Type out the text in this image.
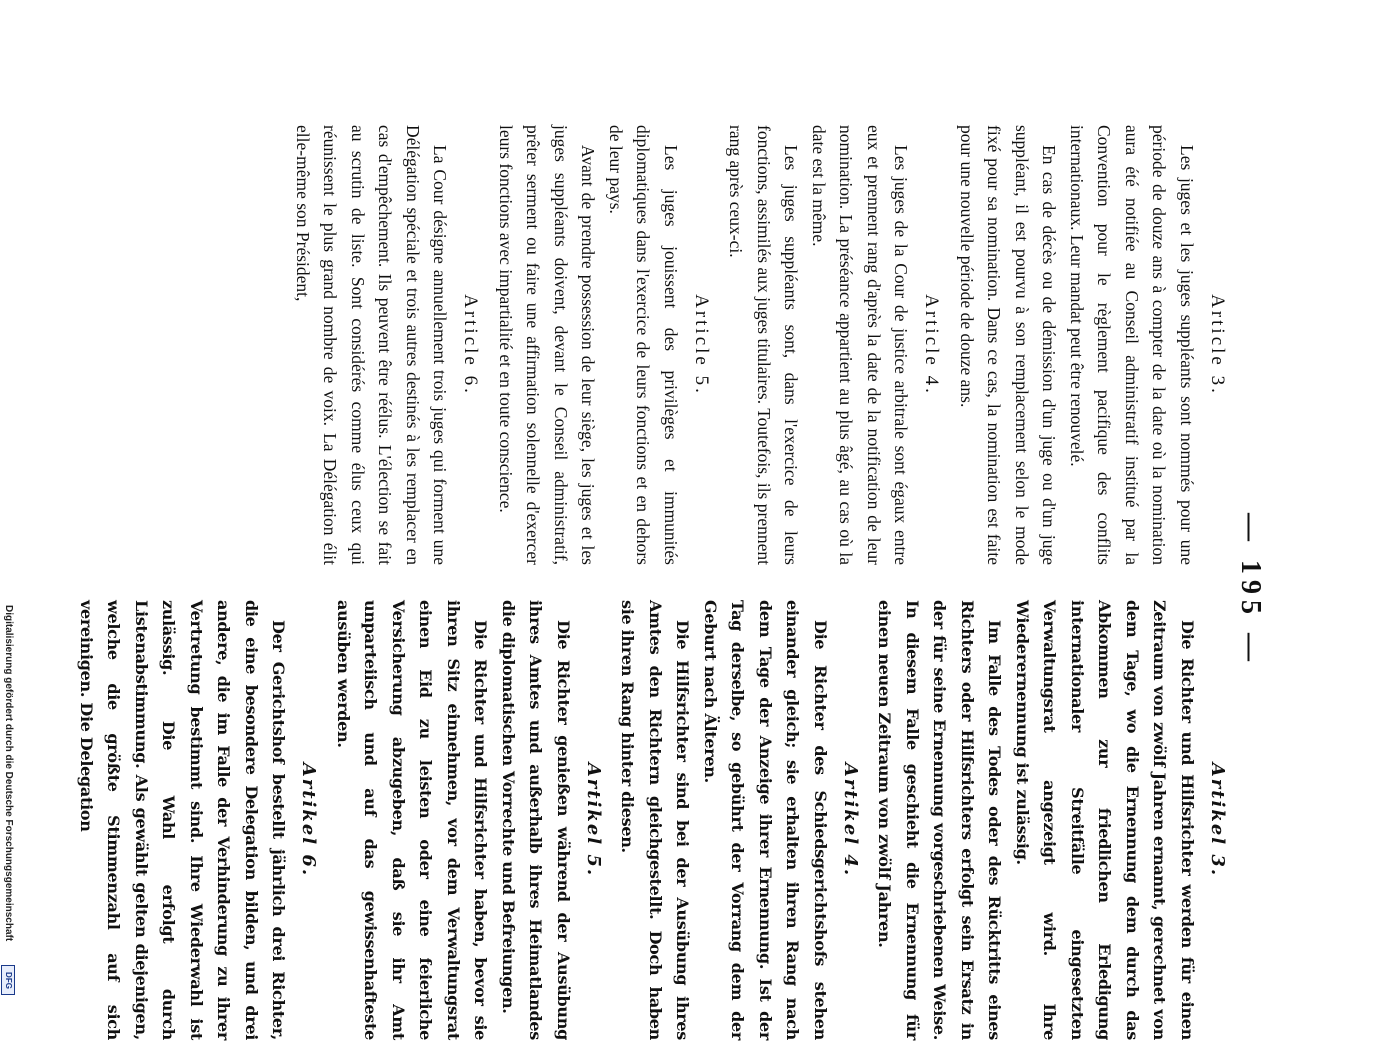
Digitalisierung gefördert durch die Deutsche Forschungsgemeinschaft
DFG
— 195 —
Article 3.

Les juges et les juges suppléants sont nommés pour une période de douze ans à compter de la date où la nomination aura été notifiée au Conseil administratif institué par la Convention pour le règlement pacifique des conflits internationaux. Leur mandat peut être renouvelé.
En cas de décès ou de démission d'un juge ou d'un juge suppléant, il est pourvu à son remplacement selon le mode fixé pour sa nomination. Dans ce cas, la nomination est faite pour une nouvelle période de douze ans.

Article 4.

Les juges de la Cour de justice arbitrale sont égaux entre eux et prennent rang d'après la date de la notification de leur nomination. La préséance appartient au plus âgé, au cas où la date est la même.
Les juges suppléants sont, dans l'exercice de leurs fonctions, assimilés aux juges titulaires. Toutefois, ils prennent rang après ceux-ci.

Article 5.

Les juges jouissent des privilèges et immunités diplomatiques dans l'exercice de leurs fonctions et en dehors de leur pays.
Avant de prendre possession de leur siège, les juges et les juges suppléants doivent, devant le Conseil administratif, prêter serment ou faire une affirmation solennelle d'exercer leurs fonctions avec impartialité et en toute conscience.

Article 6.

La Cour désigne annuellement trois juges qui forment une Délégation spéciale et trois autres destinés à les remplacer en cas d'empêchement. Ils peuvent être réélus. L'élection se fait au scrutin de liste. Sont considérés comme élus ceux qui réunissent le plus grand nombre de voix. La Délégation élit elle-même son Président,

Artikel 3.

Die Richter und Hilfsrichter werden für einen Zeitraum von zwölf Jahren ernannt, gerechnet von dem Tage, wo die Ernennung dem durch das Abkommen zur friedlichen Erledigung internationaler Streitfälle eingesetzten Verwaltungsrat angezeigt wird. Ihre Wiederernennung ist zulässig.
Im Falle des Todes oder des Rücktritts eines Richters oder Hilfsrichters erfolgt sein Ersatz in der für seine Ernennung vorgeschriebenen Weise. In diesem Falle geschieht die Ernennung für einen neuen Zeitraum von zwölf Jahren.

Artikel 4.

Die Richter des Schiedsgerichtshofs stehen einander gleich; sie erhalten ihren Rang nach dem Tage der Anzeige ihrer Ernennung. Ist der Tag derselbe, so gebührt der Vorrang dem der Geburt nach Älteren.
Die Hilfsrichter sind bei der Ausübung ihres Amtes den Richtern gleichgestellt. Doch haben sie ihren Rang hinter diesen.

Artikel 5.

Die Richter genießen während der Ausübung ihres Amtes und außerhalb ihres Heimatlandes die diplomatischen Vorrechte und Befreiungen.
Die Richter und Hilfsrichter haben, bevor sie ihren Sitz einnehmen, vor dem Verwaltungsrat einen Eid zu leisten oder eine feierliche Versicherung abzugeben, daß sie ihr Amt unparteiisch und auf das gewissenhafteste ausüben werden.

Artikel 6.

Der Gerichtshof bestellt jährlich drei Richter, die eine besondere Delegation bilden, und drei andere, die im Falle der Verhinderung zu ihrer Vertretung bestimmt sind. Ihre Wiederwahl ist zulässig. Die Wahl erfolgt durch Listenabstimmung. Als gewählt gelten diejenigen, welche die größte Stimmenzahl auf sich vereinigen. Die Delegation
